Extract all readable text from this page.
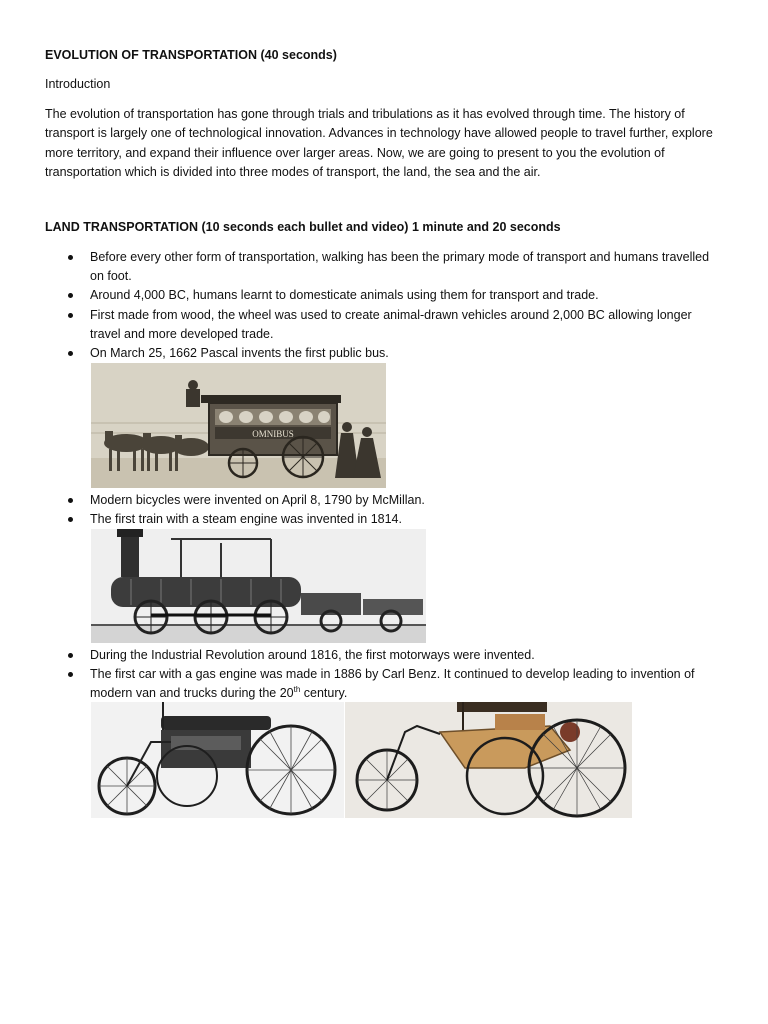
EVOLUTION OF TRANSPORTATION (40 seconds)
Introduction

The evolution of transportation has gone through trials and tribulations as it has evolved through time. The history of transport is largely one of technological innovation. Advances in technology have allowed people to travel further, explore more territory, and expand their influence over larger areas. Now, we are going to present to you the evolution of transportation which is divided into three modes of transport, the land, the sea and the air.

LAND TRANSPORTATION (10 seconds each bullet and video) 1 minute and 20 seconds
Before every other form of transportation, walking has been the primary mode of transport and humans travelled on foot.
Around 4,000 BC, humans learnt to domesticate animals using them for transport and trade.
First made from wood, the wheel was used to create animal-drawn vehicles around 2,000 BC allowing longer travel and more developed trade.
On March 25, 1662 Pascal invents the first public bus.
Modern bicycles were invented on April 8, 1790 by McMillan.
The first train with a steam engine was invented in 1814.
During the Industrial Revolution around 1816, the first motorways were invented.
The first car with a gas engine was made in 1886 by Carl Benz. It continued to develop leading to invention of modern van and trucks during the 20th century.
OMNIBUS
